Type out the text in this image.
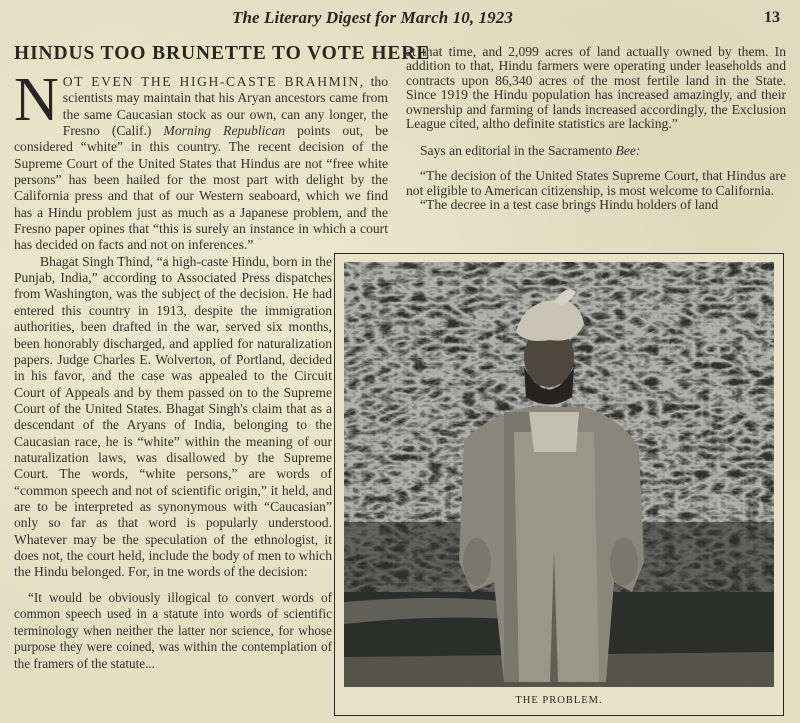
The Literary Digest for March 10, 1923	13
HINDUS TOO BRUNETTE TO VOTE HERE

NOT EVEN THE HIGH-CASTE BRAHMIN, tho scientists may maintain that his Aryan ancestors came from the same Caucasian stock as our own, can any longer, the Fresno (Calif.) Morning Republican points out, be considered “white” in this country. The recent decision of the Supreme Court of the United States that Hindus are not “free white persons” has been hailed for the most part with delight by the California press and that of our Western seaboard, which we find has a Hindu problem just as much as a Japanese problem, and the Fresno paper opines that “this is surely an instance in which a court has decided on facts and not on inferences.”

Bhagat Singh Thind, “a high-caste Hindu, born in the Punjab, India,” according to Associated Press dispatches from Washington, was the subject of the decision. He had entered this country in 1913, despite the immigration authorities, been drafted in the war, served six months, been honorably discharged, and applied for naturalization papers. Judge Charles E. Wolverton, of Portland, decided in his favor, and the case was appealed to the Circuit Court of Appeals and by them passed on to the Supreme Court of the United States. Bhagat Singh's claim that as a descendant of the Aryans of India, belonging to the Caucasian race, he is “white” within the meaning of our naturalization laws, was disallowed by the Supreme Court. The words, “white persons,” are words of “common speech and not of scientific origin,” it held, and are to be interpreted as synonymous with “Caucasian” only so far as that word is popularly understood. Whatever may be the speculation of the ethnologist, it does not, the court held, include the body of men to which the Hindu belonged. For, in tne words of the decision:

“It would be obviously illogical to convert words of common speech used in a statute into words of scientific terminology when neither the latter nor science, for whose purpose they were coined, was within the contemplation of the framers of the statute...

at that time, and 2,099 acres of land actually owned by them. In addition to that, Hindu farmers were operating under leaseholds and contracts upon 86,340 acres of the most fertile land in the State. Since 1919 the Hindu population has increased amazingly, and their ownership and farming of lands increased accordingly, the Exclusion League cited, altho definite statistics are lacking.”

Says an editorial in the Sacramento Bee:

“The decision of the United States Supreme Court, that Hindus are not eligible to American citizenship, is most welcome to California.

“The decree in a test case brings Hindu holders of land

THE PROBLEM.
